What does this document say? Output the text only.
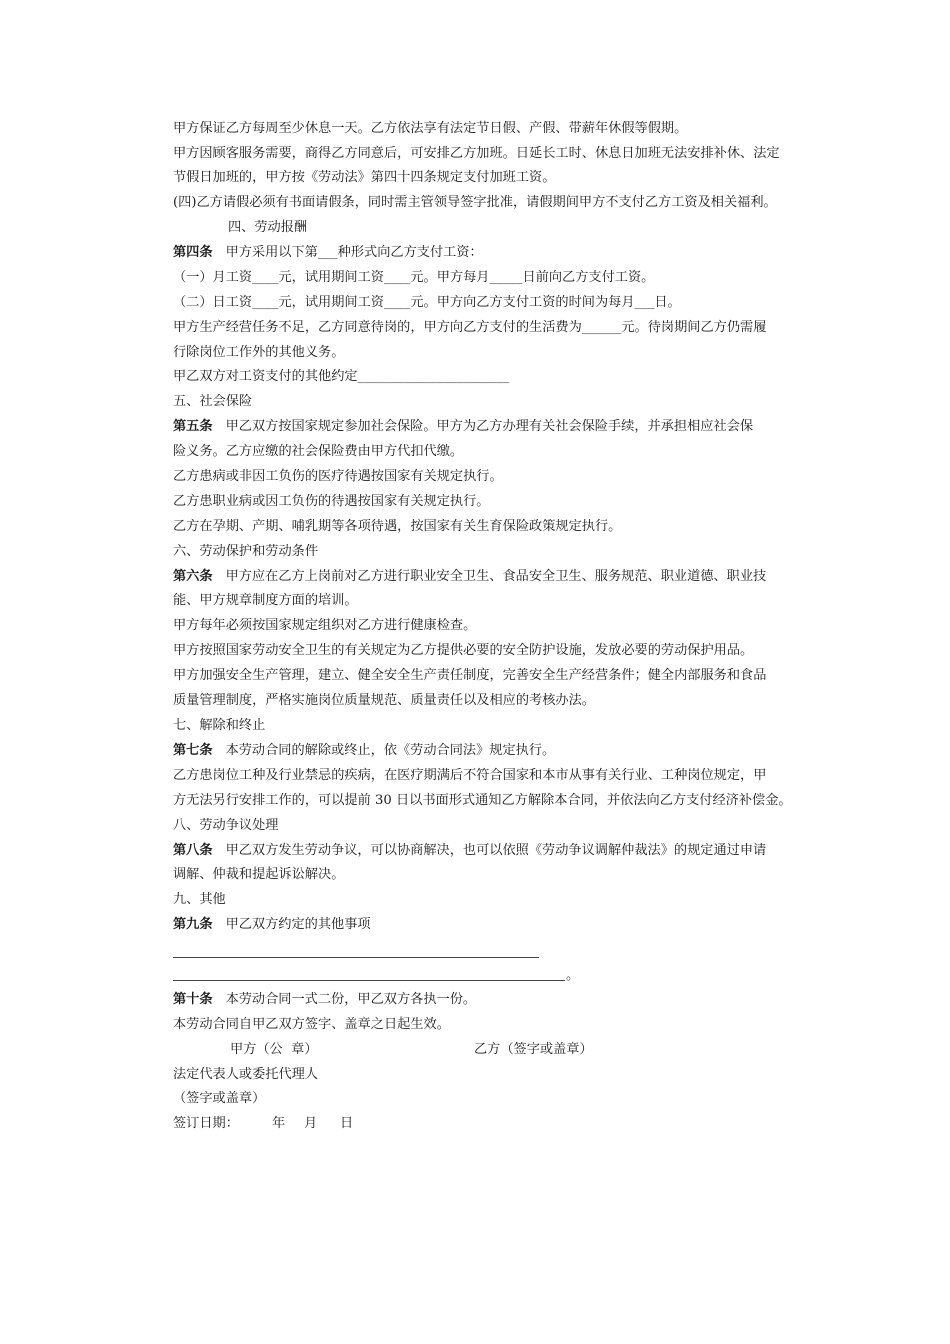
甲方保证乙方每周至少休息一天。乙方依法享有法定节日假、产假、带薪年休假等假期。
甲方因顾客服务需要，商得乙方同意后，可安排乙方加班。日延长工时、休息日加班无法安排补休、法定
节假日加班的，甲方按《劳动法》第四十四条规定支付加班工资。
(四)乙方请假必须有书面请假条，同时需主管领导签字批准，请假期间甲方不支付乙方工资及相关福利。
四、劳动报酬
第四条 甲方采用以下第___种形式向乙方支付工资：
（一）月工资____元，试用期间工资____元。甲方每月_____日前向乙方支付工资。
（二）日工资____元，试用期间工资____元。甲方向乙方支付工资的时间为每月___日。
甲方生产经营任务不足，乙方同意待岗的，甲方向乙方支付的生活费为______元。待岗期间乙方仍需履
行除岗位工作外的其他义务。
甲乙双方对工资支付的其他约定_______________________
五、社会保险
第五条 甲乙双方按国家规定参加社会保险。甲方为乙方办理有关社会保险手续，并承担相应社会保
险义务。乙方应缴的社会保险费由甲方代扣代缴。
乙方患病或非因工负伤的医疗待遇按国家有关规定执行。
乙方患职业病或因工负伤的待遇按国家有关规定执行。
乙方在孕期、产期、哺乳期等各项待遇，按国家有关生育保险政策规定执行。
六、劳动保护和劳动条件
第六条 甲方应在乙方上岗前对乙方进行职业安全卫生、食品安全卫生、服务规范、职业道德、职业技
能、甲方规章制度方面的培训。
甲方每年必须按国家规定组织对乙方进行健康检查。
甲方按照国家劳动安全卫生的有关规定为乙方提供必要的安全防护设施，发放必要的劳动保护用品。
甲方加强安全生产管理，建立、健全安全生产责任制度，完善安全生产经营条件；健全内部服务和食品
质量管理制度，严格实施岗位质量规范、质量责任以及相应的考核办法。
七、解除和终止
第七条 本劳动合同的解除或终止，依《劳动合同法》规定执行。
乙方患岗位工种及行业禁忌的疾病，在医疗期满后不符合国家和本市从事有关行业、工种岗位规定，甲
方无法另行安排工作的，可以提前 30 日以书面形式通知乙方解除本合同，并依法向乙方支付经济补偿金。
八、劳动争议处理
第八条 甲乙双方发生劳动争议，可以协商解决，也可以依照《劳动争议调解仲裁法》的规定通过申请
调解、仲裁和提起诉讼解决。
九、其他
第九条 甲乙双方约定的其他事项
。
第十条 本劳动合同一式二份，甲乙双方各执一份。
本劳动合同自甲乙双方签字、盖章之日起生效。
甲方（公  章）	乙方（签字或盖章）
法定代表人或委托代理人
（签字或盖章）
签订日期：	年 月 日
